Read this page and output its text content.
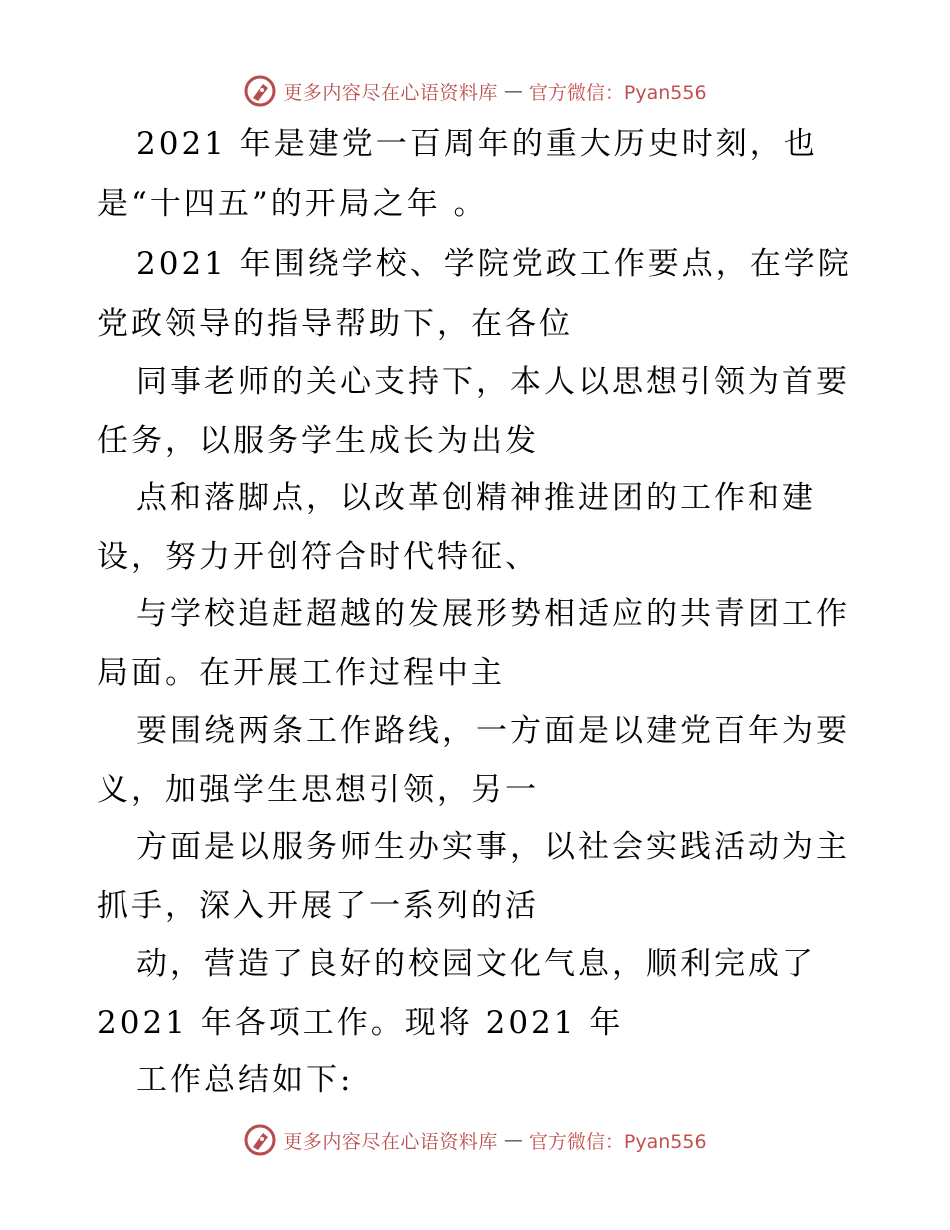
更多内容尽在心语资料库 — 官方微信：Pyan556
2021 年是建党一百周年的重大历史时刻，也
是“十四五”的开局之年 。
2021 年围绕学校、学院党政工作要点，在学院
党政领导的指导帮助下，在各位
同事老师的关心支持下，本人以思想引领为首要
任务，以服务学生成长为出发
点和落脚点，以改革创精神推进团的工作和建
设，努力开创符合时代特征、
与学校追赶超越的发展形势相适应的共青团工作
局面。在开展工作过程中主
要围绕两条工作路线，一方面是以建党百年为要
义，加强学生思想引领，另一
方面是以服务师生办实事，以社会实践活动为主
抓手，深入开展了一系列的活
动，营造了良好的校园文化气息，顺利完成了
2021 年各项工作。现将 2021 年
工作总结如下:
更多内容尽在心语资料库 — 官方微信：Pyan556
